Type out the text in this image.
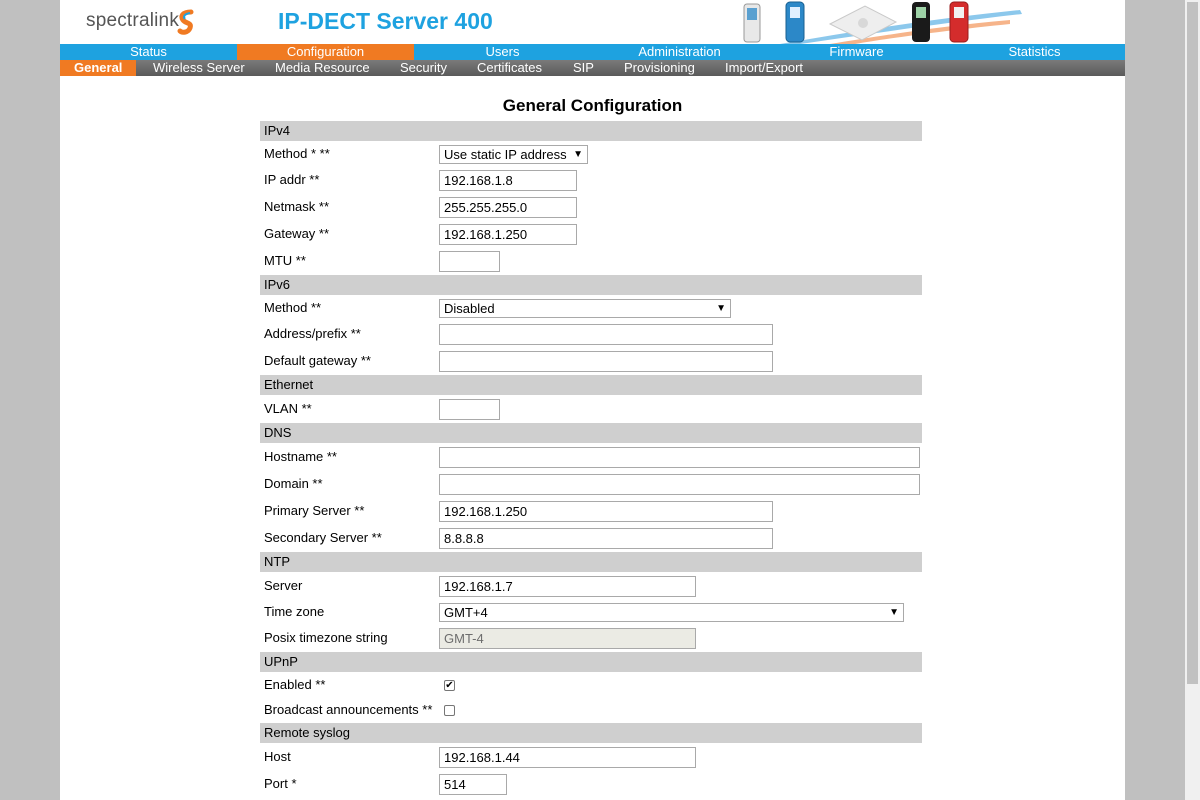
spectralink	IP-DECT Server 400
Status	Configuration	Users	Administration	Firmware	Statistics
General	Wireless Server Media Resource Security Certificates SIP Provisioning Import/Export
General Configuration
IPv4
Method * **	Use static IP address ▼
IP addr **	192.168.1.8
Netmask **	255.255.255.0
Gateway **	192.168.1.250
MTU **
IPv6
Method **	Disabled	▼
Address/prefix **
Default gateway **
Ethernet
VLAN **
DNS
Hostname **
Domain **
Primary Server **	192.168.1.250
Secondary Server **	8.8.8.8
NTP
Server	192.168.1.7
Time zone	GMT+4	▼
Posix timezone string	GMT-4
UPnP
Enabled **	✔
Broadcast announcements **
Remote syslog
Host	192.168.1.44
Port *	514
